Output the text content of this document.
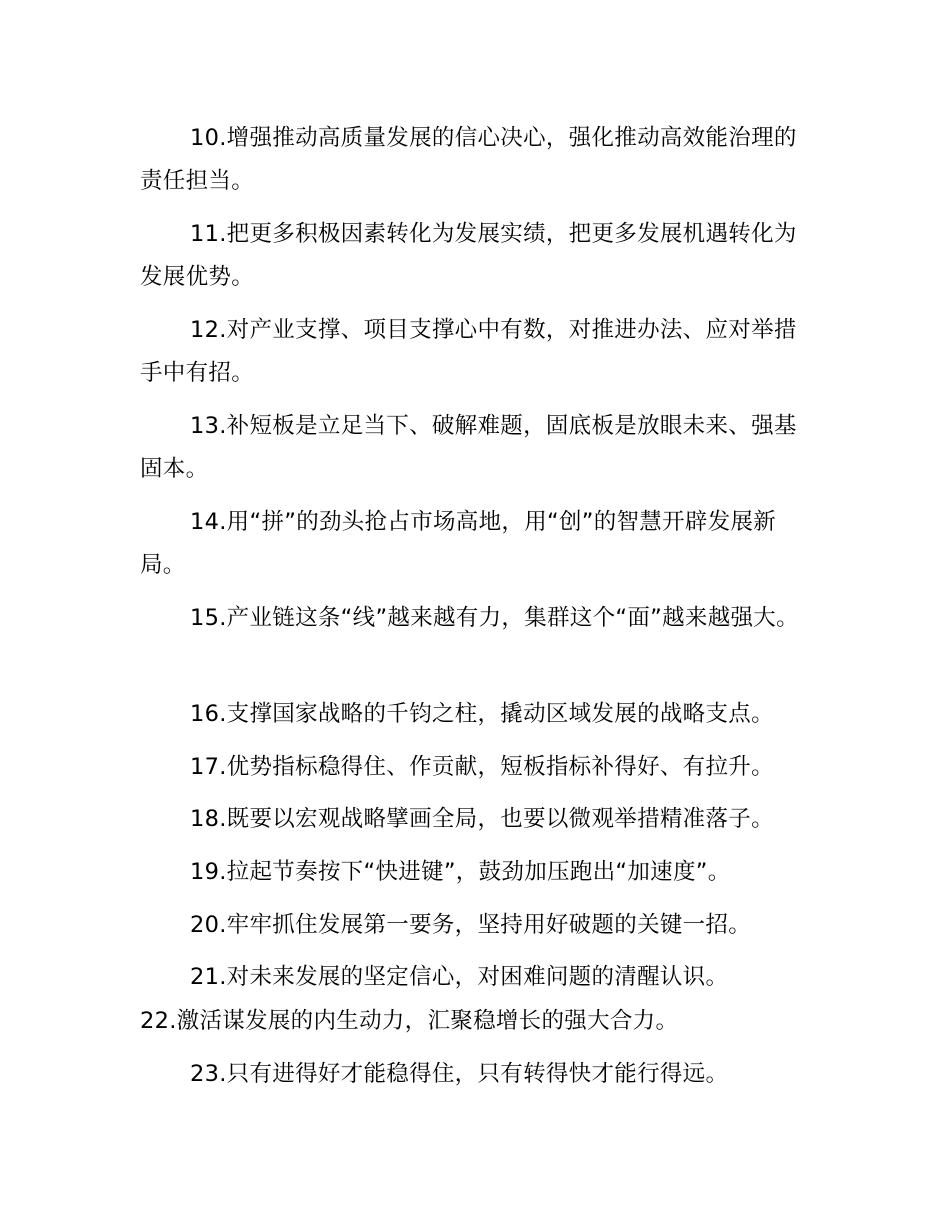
10.增强推动高质量发展的信心决心，强化推动高效能治理的责任担当。

11.把更多积极因素转化为发展实绩，把更多发展机遇转化为发展优势。

12.对产业支撑、项目支撑心中有数，对推进办法、应对举措手中有招。

13.补短板是立足当下、破解难题，固底板是放眼未来、强基固本。

14.用“拼”的劲头抢占市场高地，用“创”的智慧开辟发展新局。

15.产业链这条“线”越来越有力，集群这个“面”越来越强大。

16.支撑国家战略的千钧之柱，撬动区域发展的战略支点。

17.优势指标稳得住、作贡献，短板指标补得好、有拉升。

18.既要以宏观战略擘画全局，也要以微观举措精准落子。

19.拉起节奏按下“快进键”，鼓劲加压跑出“加速度”。

20.牢牢抓住发展第一要务，坚持用好破题的关键一招。

21.对未来发展的坚定信心，对困难问题的清醒认识。

22.激活谋发展的内生动力，汇聚稳增长的强大合力。

23.只有进得好才能稳得住，只有转得快才能行得远。
